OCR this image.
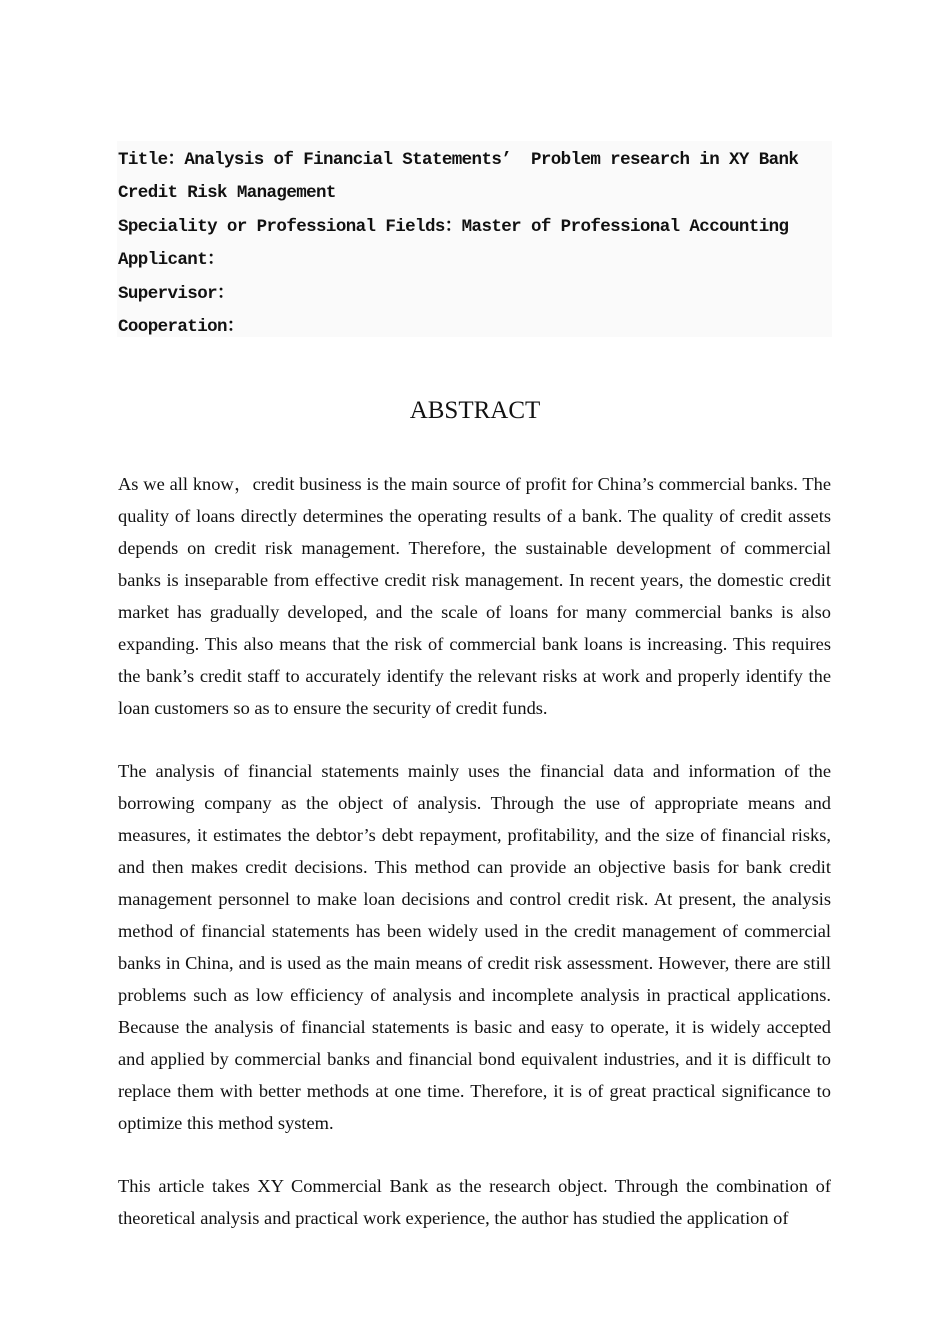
Title：Analysis of Financial Statements’  Problem research in XY Bank
Credit Risk Management
Speciality or Professional Fields：Master of Professional Accounting
Applicant：
Supervisor：
Cooperation：
ABSTRACT

As we all know，credit business is the main source of profit for China’s commercial banks. The quality of loans directly determines the operating results of a bank. The quality of credit assets depends on credit risk management. Therefore, the sustainable development of commercial banks is inseparable from effective credit risk management. In recent years, the domestic credit market has gradually developed, and the scale of loans for many commercial banks is also expanding. This also means that the risk of commercial bank loans is increasing. This requires the bank’s credit staff to accurately identify the relevant risks at work and properly identify the loan customers so as to ensure the security of credit funds.

The analysis of financial statements mainly uses the financial data and information of the borrowing company as the object of analysis. Through the use of appropriate means and measures, it estimates the debtor’s debt repayment, profitability, and the size of financial risks, and then makes credit decisions. This method can provide an objective basis for bank credit management personnel to make loan decisions and control credit risk. At present, the analysis method of financial statements has been widely used in the credit management of commercial banks in China, and is used as the main means of credit risk assessment. However, there are still problems such as low efficiency of analysis and incomplete analysis in practical applications. Because the analysis of financial statements is basic and easy to operate, it is widely accepted and applied by commercial banks and financial bond equivalent industries, and it is difficult to replace them with better methods at one time. Therefore, it is of great practical significance to optimize this method system.

This article takes XY Commercial Bank as the research object. Through the combination of theoretical analysis and practical work experience, the author has studied the application of
